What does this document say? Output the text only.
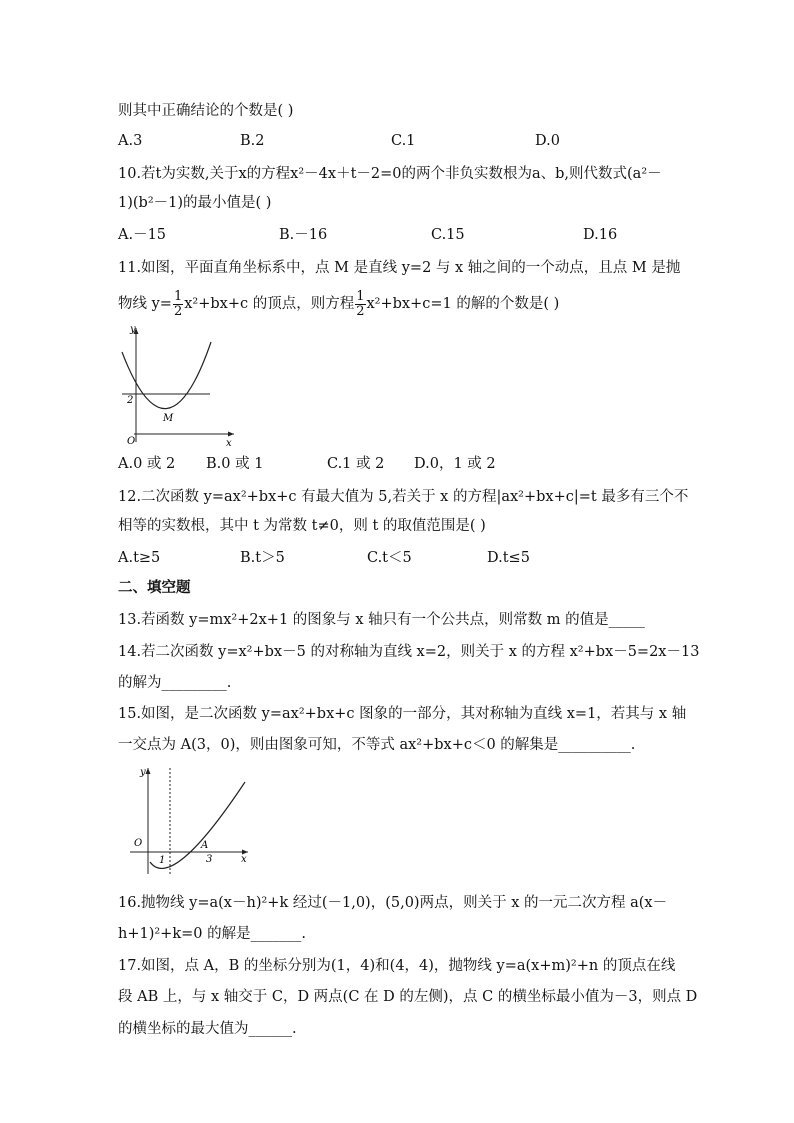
则其中正确结论的个数是( )
A.3	B.2	C.1	D.0
10.若t为实数,关于x的方程x²－4x＋t－2=0的两个非负实数根为a、b,则代数式(a²－
1)(b²－1)的最小值是( )
A.－15	B.－16	C.15	D.16
11.如图，平面直角坐标系中，点 M 是直线 y=2 与 x 轴之间的一个动点，且点 M 是抛
物线 $y= \frac{1}{2} x^2+bx+c$ 的顶点，则方程 $\frac{1}{2} x^2+bx+c=1$ 的解的个数是( )
y
x
O
2
M
A.0 或 2 B.0 或 1	C.1 或 2 D.0，1 或 2
12.二次函数 y=ax²+bx+c 有最大值为 5,若关于 x 的方程|ax²+bx+c|=t 最多有三个不
相等的实数根，其中 t 为常数 t≠0，则 t 的取值范围是( )
A.t≥5	B.t＞5	C.t＜5	D.t≤5
二、填空题
13.若函数 y=mx²+2x+1 的图象与 x 轴只有一个公共点，则常数 m 的值是_____
14.若二次函数 y=x²+bx－5 的对称轴为直线 x=2，则关于 x 的方程 x²+bx－5=2x－13
的解为_________.
15.如图，是二次函数 y=ax²+bx+c 图象的一部分，其对称轴为直线 x=1，若其与 x 轴
一交点为 A(3，0)，则由图象可知，不等式 ax²+bx+c＜0 的解集是__________.
y
x
O
1	3
A
16.抛物线 y=a(x－h)²+k 经过(－1,0)，(5,0)两点，则关于 x 的一元二次方程 a(x－
h+1)²+k=0 的解是_______.
17.如图，点 A，B 的坐标分别为(1，4)和(4，4)，抛物线 y=a(x+m)²+n 的顶点在线
段 AB 上，与 x 轴交于 C，D 两点(C 在 D 的左侧)，点 C 的横坐标最小值为－3，则点 D
的横坐标的最大值为______.
